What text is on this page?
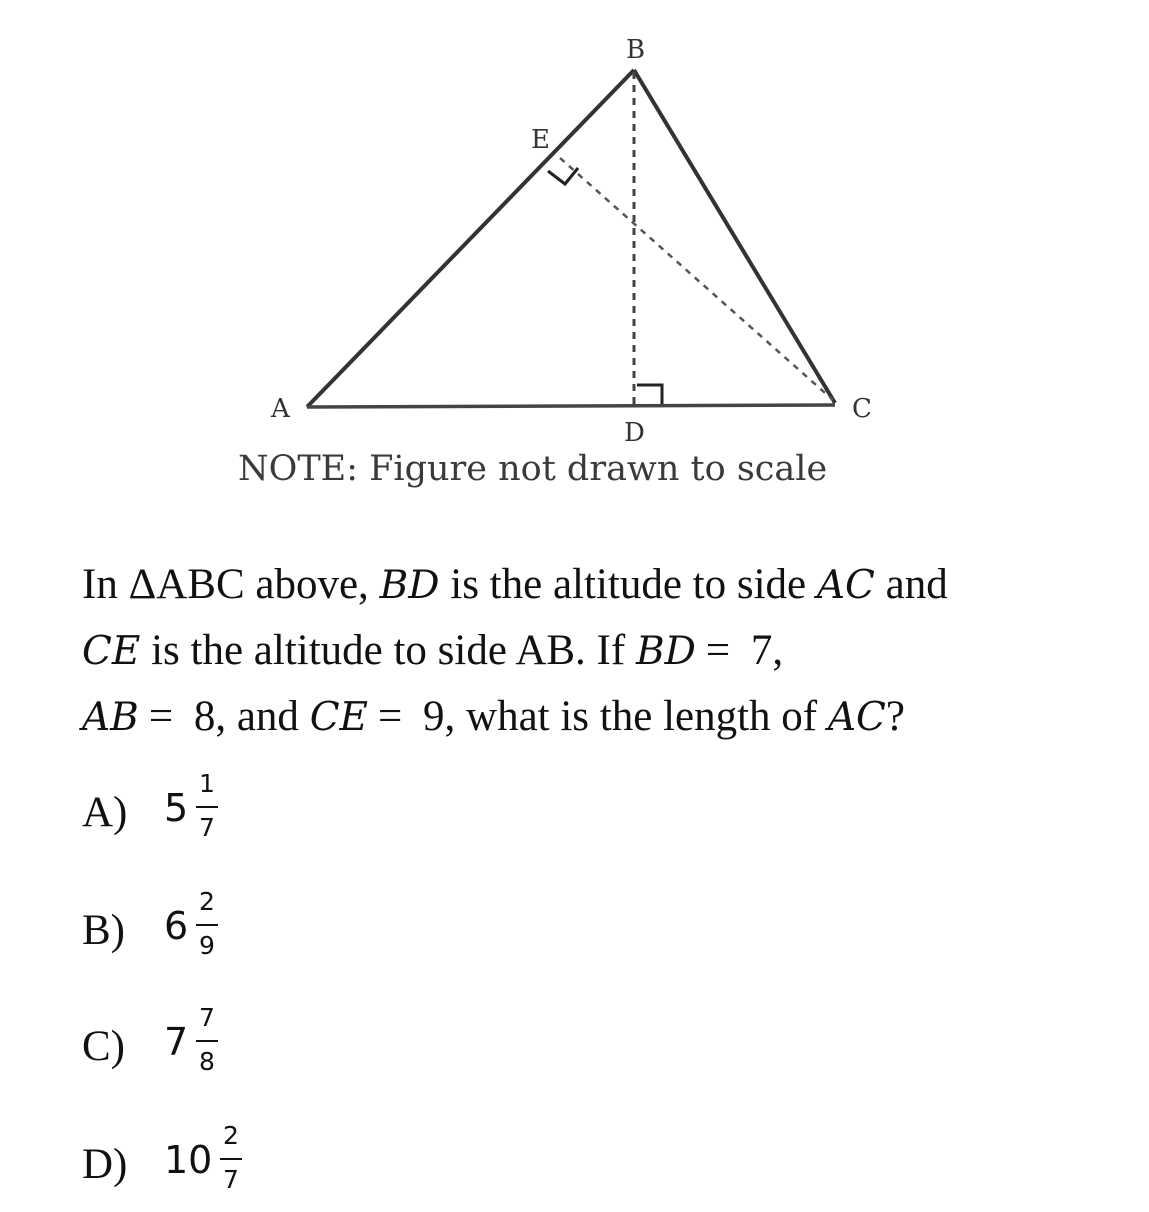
B
E
A	C
D
NOTE: Figure not drawn to scale
In ΔABC above, BD is the altitude to side AC and
CE is the altitude to side AB. If BD = 7,
AB = 8, and CE = 9, what is the length of AC?
A) 5
1
7
B) 6
2
9
C) 7
7
8
D) 10
2
7
